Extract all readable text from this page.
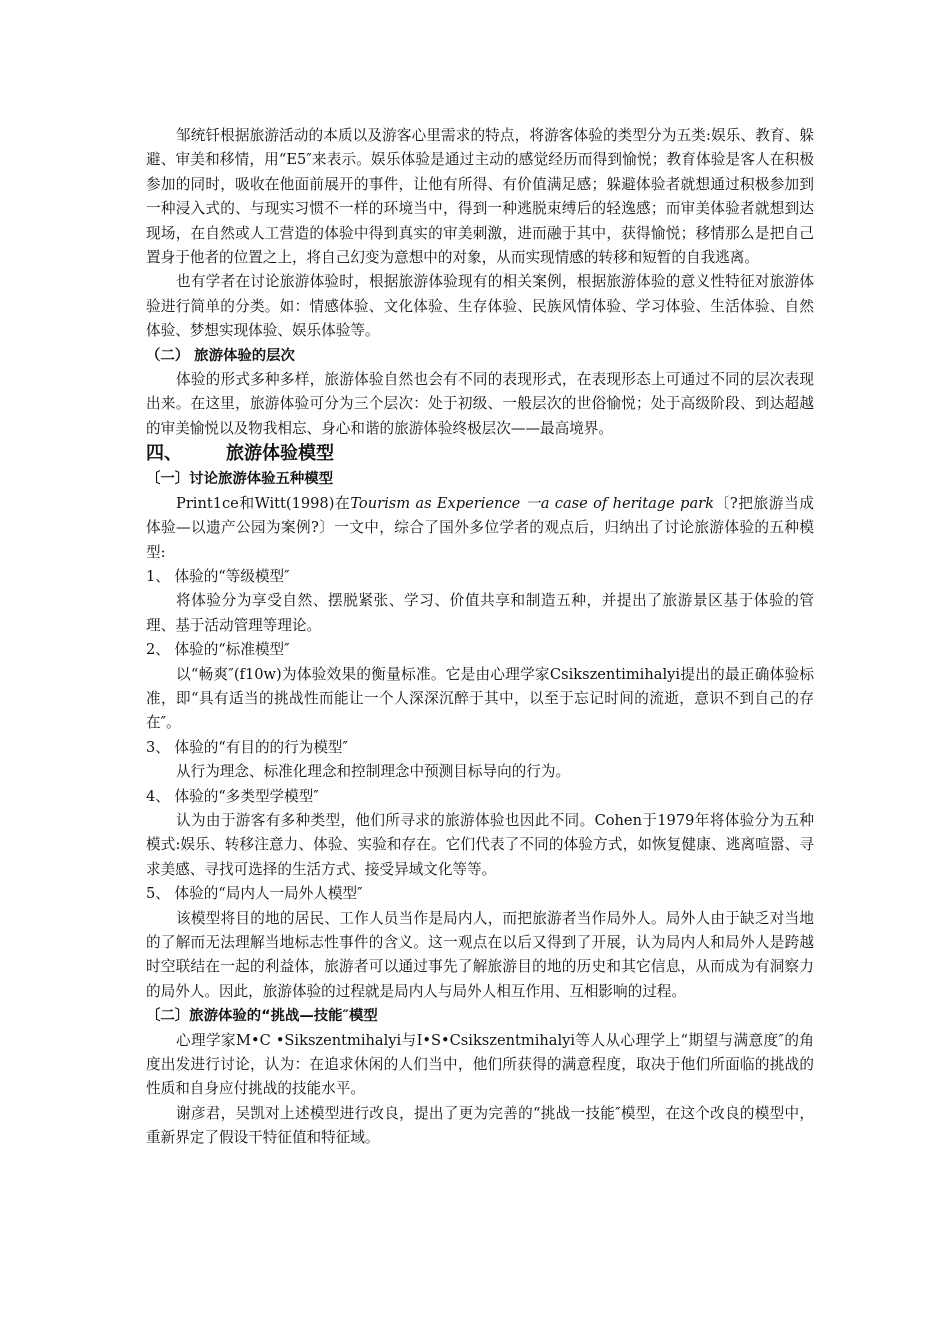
邹统钎根据旅游活动的本质以及游客心里需求的特点，将游客体验的类型分为五类:娱乐、教育、躲避、审美和移情，用“E5″来表示。娱乐体验是通过主动的感觉经历而得到愉悦；教育体验是客人在积极参加的同时，吸收在他面前展开的事件，让他有所得、有价值满足感；躲避体验者就想通过积极参加到一种浸入式的、与现实习惯不一样的环境当中，得到一种逃脱束缚后的轻逸感；而审美体验者就想到达现场，在自然或人工营造的体验中得到真实的审美刺激，进而融于其中，获得愉悦；移情那么是把自己置身于他者的位置之上，将自己幻变为意想中的对象，从而实现情感的转移和短暂的自我逃离。

也有学者在讨论旅游体验时，根据旅游体验现有的相关案例，根据旅游体验的意义性特征对旅游体验进行简单的分类。如：情感体验、文化体验、生存体验、民族风情体验、学习体验、生活体验、自然体验、梦想实现体验、娱乐体验等。

（二） 旅游体验的层次

体验的形式多种多样，旅游体验自然也会有不同的表现形式，在表现形态上可通过不同的层次表现出来。在这里，旅游体验可分为三个层次：处于初级、一般层次的世俗愉悦；处于高级阶段、到达超越的审美愉悦以及物我相忘、身心和谐的旅游体验终极层次——最高境界。

四、 旅游体验模型

〔一〕讨论旅游体验五种模型

Print1ce和Witt(1998)在Tourism as Experience 一a case of heritage park〔?把旅游当成体验—以遗产公园为案例?〕一文中，综合了国外多位学者的观点后，归纳出了讨论旅游体验的五种模型:

1、 体验的“等级模型″

将体验分为享受自然、摆脱紧张、学习、价值共享和制造五种，并提出了旅游景区基于体验的管理、基于活动管理等理论。

2、 体验的“标准模型″

以“畅爽″(f10w)为体验效果的衡量标准。它是由心理学家Csikszentimihalyi提出的最正确体验标准，即“具有适当的挑战性而能让一个人深深沉醉于其中，以至于忘记时间的流逝，意识不到自己的存在″。

3、 体验的“有目的的行为模型″

从行为理念、标准化理念和控制理念中预测目标导向的行为。

4、 体验的“多类型学模型″

认为由于游客有多种类型，他们所寻求的旅游体验也因此不同。Cohen于1979年将体验分为五种模式:娱乐、转移注意力、体验、实验和存在。它们代表了不同的体验方式，如恢复健康、逃离喧嚣、寻求美感、寻找可选择的生活方式、接受异域文化等等。

5、 体验的“局内人一局外人模型″

该模型将目的地的居民、工作人员当作是局内人，而把旅游者当作局外人。局外人由于缺乏对当地的了解而无法理解当地标志性事件的含义。这一观点在以后又得到了开展，认为局内人和局外人是跨越时空联结在一起的利益体，旅游者可以通过事先了解旅游目的地的历史和其它信息，从而成为有洞察力的局外人。因此，旅游体验的过程就是局内人与局外人相互作用、互相影响的过程。

〔二〕旅游体验的“挑战—技能″模型

心理学家M•C •Sikszentmihalyi与I•S•Csikszentmihalyi等人从心理学上“期望与满意度″的角度出发进行讨论，认为：在追求休闲的人们当中，他们所获得的满意程度，取决于他们所面临的挑战的性质和自身应付挑战的技能水平。

谢彦君，吴凯对上述模型进行改良，提出了更为完善的“挑战一技能″模型，在这个改良的模型中，重新界定了假设干特征值和特征域。
